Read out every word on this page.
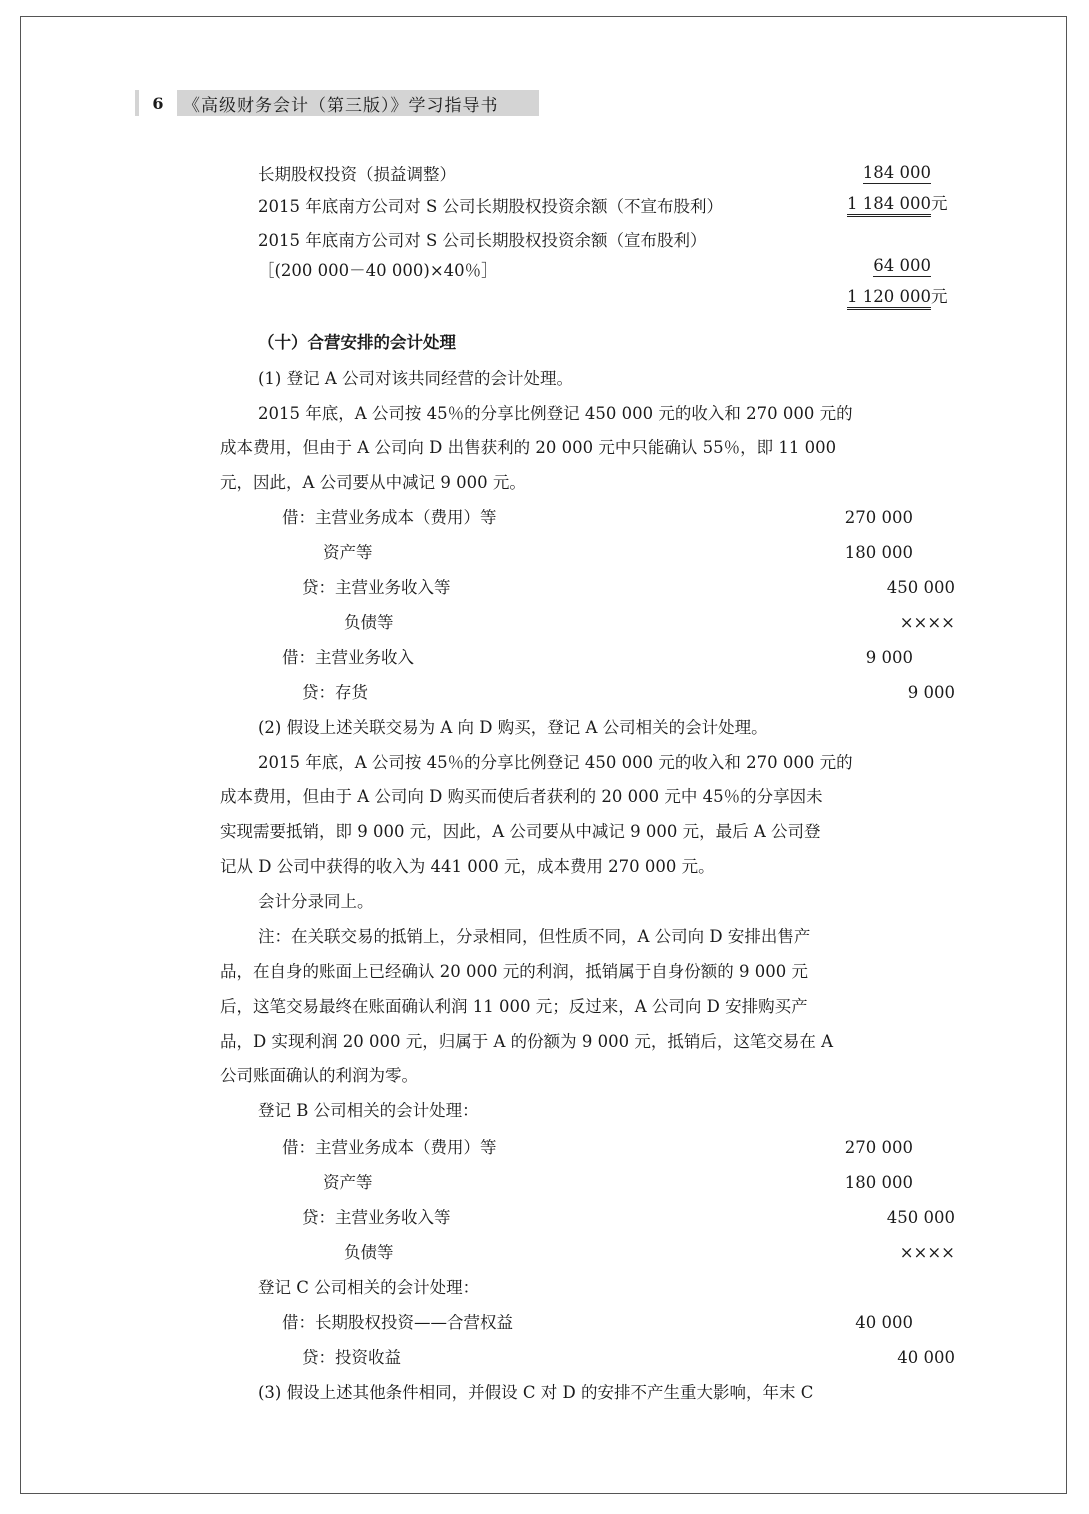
6	《高级财务会计（第三版）》学习指导书
长期股权投资（损益调整）	184 000
2015 年底南方公司对 S 公司长期股权投资余额（不宣布股利）	1 184 000 元
2015 年底南方公司对 S 公司长期股权投资余额（宣布股利）
［(200 000－40 000)×40％］	64 000
1 120 000 元
（十）合营安排的会计处理
(1) 登记 A 公司对该共同经营的会计处理。
2015 年底，A 公司按 45％的分享比例登记 450 000 元的收入和 270 000 元的
成本费用，但由于 A 公司向 D 出售获利的 20 000 元中只能确认 55％，即 11 000
元，因此，A 公司要从中减记 9 000 元。
借：主营业务成本（费用）等	270 000
资产等	180 000
贷：主营业务收入等	450 000
负债等	××××
借：主营业务收入	9 000
贷：存货	9 000
(2) 假设上述关联交易为 A 向 D 购买，登记 A 公司相关的会计处理。
2015 年底，A 公司按 45％的分享比例登记 450 000 元的收入和 270 000 元的
成本费用，但由于 A 公司向 D 购买而使后者获利的 20 000 元中 45％的分享因未
实现需要抵销，即 9 000 元，因此，A 公司要从中减记 9 000 元，最后 A 公司登
记从 D 公司中获得的收入为 441 000 元，成本费用 270 000 元。
会计分录同上。
注：在关联交易的抵销上，分录相同，但性质不同，A 公司向 D 安排出售产
品，在自身的账面上已经确认 20 000 元的利润，抵销属于自身份额的 9 000 元
后，这笔交易最终在账面确认利润 11 000 元；反过来，A 公司向 D 安排购买产
品，D 实现利润 20 000 元，归属于 A 的份额为 9 000 元，抵销后，这笔交易在 A
公司账面确认的利润为零。
登记 B 公司相关的会计处理：
借：主营业务成本（费用）等	270 000
资产等	180 000
贷：主营业务收入等	450 000
负债等	××××
登记 C 公司相关的会计处理：
借：长期股权投资——合营权益	40 000
贷：投资收益	40 000
(3) 假设上述其他条件相同，并假设 C 对 D 的安排不产生重大影响，年末 C
